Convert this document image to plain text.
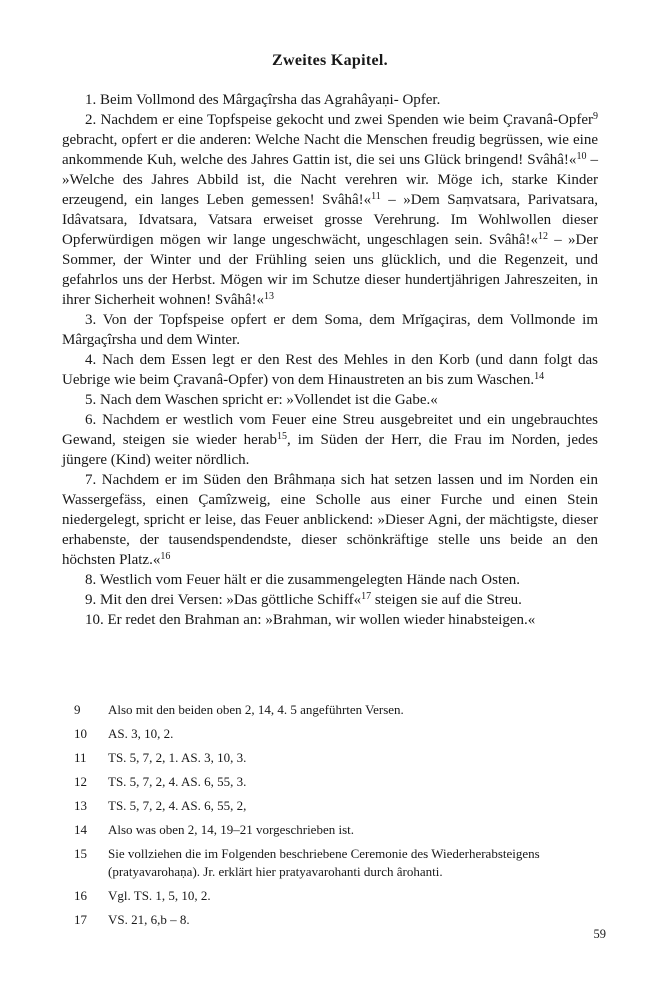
Zweites Kapitel.

1. Beim Vollmond des Mârgaçîrsha das Agrahâyaṇi- Opfer.

2. Nachdem er eine Topfspeise gekocht und zwei Spenden wie beim Çravanâ-Opfer$^9$ gebracht, opfert er die anderen: Welche Nacht die Menschen freudig begrüssen, wie eine ankommende Kuh, welche des Jahres Gattin ist, die sei uns Glück bringend! Svâhâ!«$^{10}$ – »Welche des Jahres Abbild ist, die Nacht verehren wir. Möge ich, starke Kinder erzeugend, ein langes Leben gemessen! Svâhâ!«$^{11}$ – »Dem Saṃvatsara, Parivatsara, Idâvatsara, Idvatsara, Vatsara erweiset grosse Verehrung. Im Wohlwollen dieser Opferwürdigen mögen wir lange ungeschwächt, ungeschlagen sein. Svâhâ!«$^{12}$ – »Der Sommer, der Winter und der Frühling seien uns glücklich, und die Regenzeit, und gefahrlos uns der Herbst. Mögen wir im Schutze dieser hundertjährigen Jahreszeiten, in ihrer Sicherheit wohnen! Svâhâ!«$^{13}$

3. Von der Topfspeise opfert er dem Soma, dem Mrĭgaçiras, dem Vollmonde im Mârgaçîrsha und dem Winter.

4. Nach dem Essen legt er den Rest des Mehles in den Korb (und dann folgt das Uebrige wie beim Çravanâ-Opfer) von dem Hinaustreten an bis zum Waschen.$^{14}$

5. Nach dem Waschen spricht er: »Vollendet ist die Gabe.«

6. Nachdem er westlich vom Feuer eine Streu ausgebreitet und ein ungebrauchtes Gewand, steigen sie wieder herab$^{15}$, im Süden der Herr, die Frau im Norden, jedes jüngere (Kind) weiter nördlich.

7. Nachdem er im Süden den Brâhmaṇa sich hat setzen lassen und im Norden ein Wassergefäss, einen Çamîzweig, eine Scholle aus einer Furche und einen Stein niedergelegt, spricht er leise, das Feuer anblickend: »Dieser Agni, der mächtigste, dieser erhabenste, der tausendspendendste, dieser schönkräftige stelle uns beide an den höchsten Platz.«$^{16}$

8. Westlich vom Feuer hält er die zusammengelegten Hände nach Osten.

9. Mit den drei Versen: »Das göttliche Schiff«$^{17}$ steigen sie auf die Streu.

10. Er redet den Brahman an: »Brahman, wir wollen wieder hinabsteigen.«

9	Also mit den beiden oben 2, 14, 4. 5 angeführten Versen.
10	AS. 3, 10, 2.
11	TS. 5, 7, 2, 1. AS. 3, 10, 3.
12	TS. 5, 7, 2, 4. AS. 6, 55, 3.
13	TS. 5, 7, 2, 4. AS. 6, 55, 2,
14	Also was oben 2, 14, 19–21 vorgeschrieben ist.
15	Sie vollziehen die im Folgenden beschriebene Ceremonie des Wiederherabsteigens (pratyavarohaṇa). Jr. erklärt hier pratyavarohanti durch ârohanti.
16	Vgl. TS. 1, 5, 10, 2.
17	VS. 21, 6,b – 8.
59
